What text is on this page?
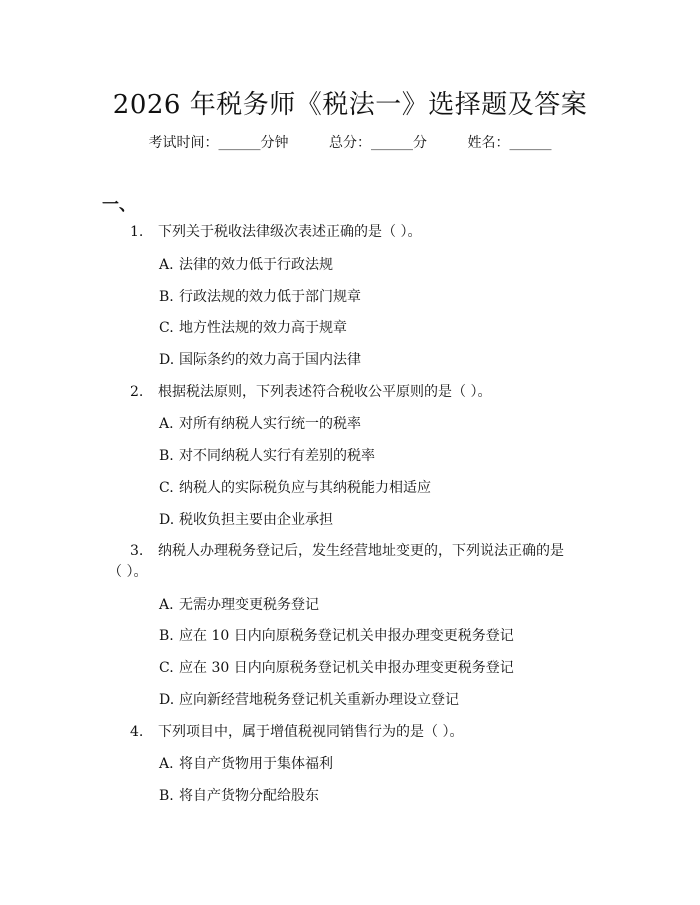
2026 年税务师《税法一》选择题及答案
考试时间：______分钟	总分：______分	姓名：______
一、
1. 下列关于税收法律级次表述正确的是（ ）。
A. 法律的效力低于行政法规
B. 行政法规的效力低于部门规章
C. 地方性法规的效力高于规章
D. 国际条约的效力高于国内法律
2. 根据税法原则，下列表述符合税收公平原则的是（ ）。
A. 对所有纳税人实行统一的税率
B. 对不同纳税人实行有差别的税率
C. 纳税人的实际税负应与其纳税能力相适应
D. 税收负担主要由企业承担
3. 纳税人办理税务登记后，发生经营地址变更的，下列说法正确的是
（ ）。
A. 无需办理变更税务登记
B. 应在 10 日内向原税务登记机关申报办理变更税务登记
C. 应在 30 日内向原税务登记机关申报办理变更税务登记
D. 应向新经营地税务登记机关重新办理设立登记
4. 下列项目中，属于增值税视同销售行为的是（ ）。
A. 将自产货物用于集体福利
B. 将自产货物分配给股东
